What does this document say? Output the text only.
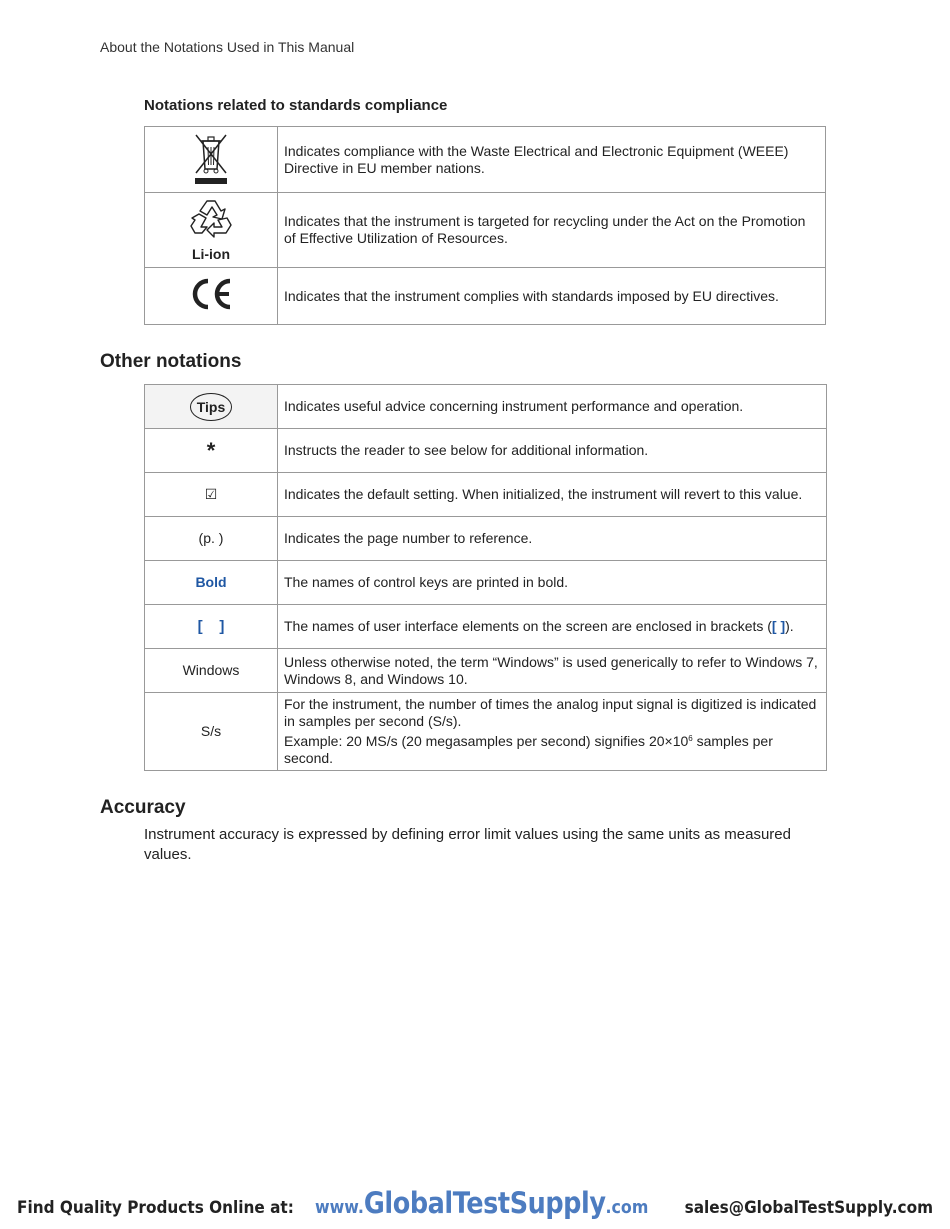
About the Notations Used in This Manual
Notations related to standards compliance
	Indicates compliance with the Waste Electrical and Electronic Equipment (WEEE) Directive in EU member nations.

Li-ion	Indicates that the instrument is targeted for recycling under the Act on the Promotion of Effective Utilization of Resources.
	Indicates that the instrument complies with standards imposed by EU directives.
Other notations
Tips	Indicates useful advice concerning instrument performance and operation.
*	Instructs the reader to see below for additional information.
☑	Indicates the default setting. When initialized, the instrument will revert to this value.
(p. )	Indicates the page number to reference.
Bold	The names of control keys are printed in bold.
[    ]	The names of user interface elements on the screen are enclosed in brackets ([ ]).
Windows	Unless otherwise noted, the term “Windows” is used generically to refer to Windows 7, Windows 8, and Windows 10.
S/s	For the instrument, the number of times the analog input signal is digitized is indicated in samples per second (S/s).
Example: 20 MS/s (20 megasamples per second) signifies $20\times 10^6$ samples per second.
Accuracy
Instrument accuracy is expressed by defining error limit values using the same units as measured values.
Find Quality Products Online at: www.GlobalTestSupply.com sales@GlobalTestSupply.com
